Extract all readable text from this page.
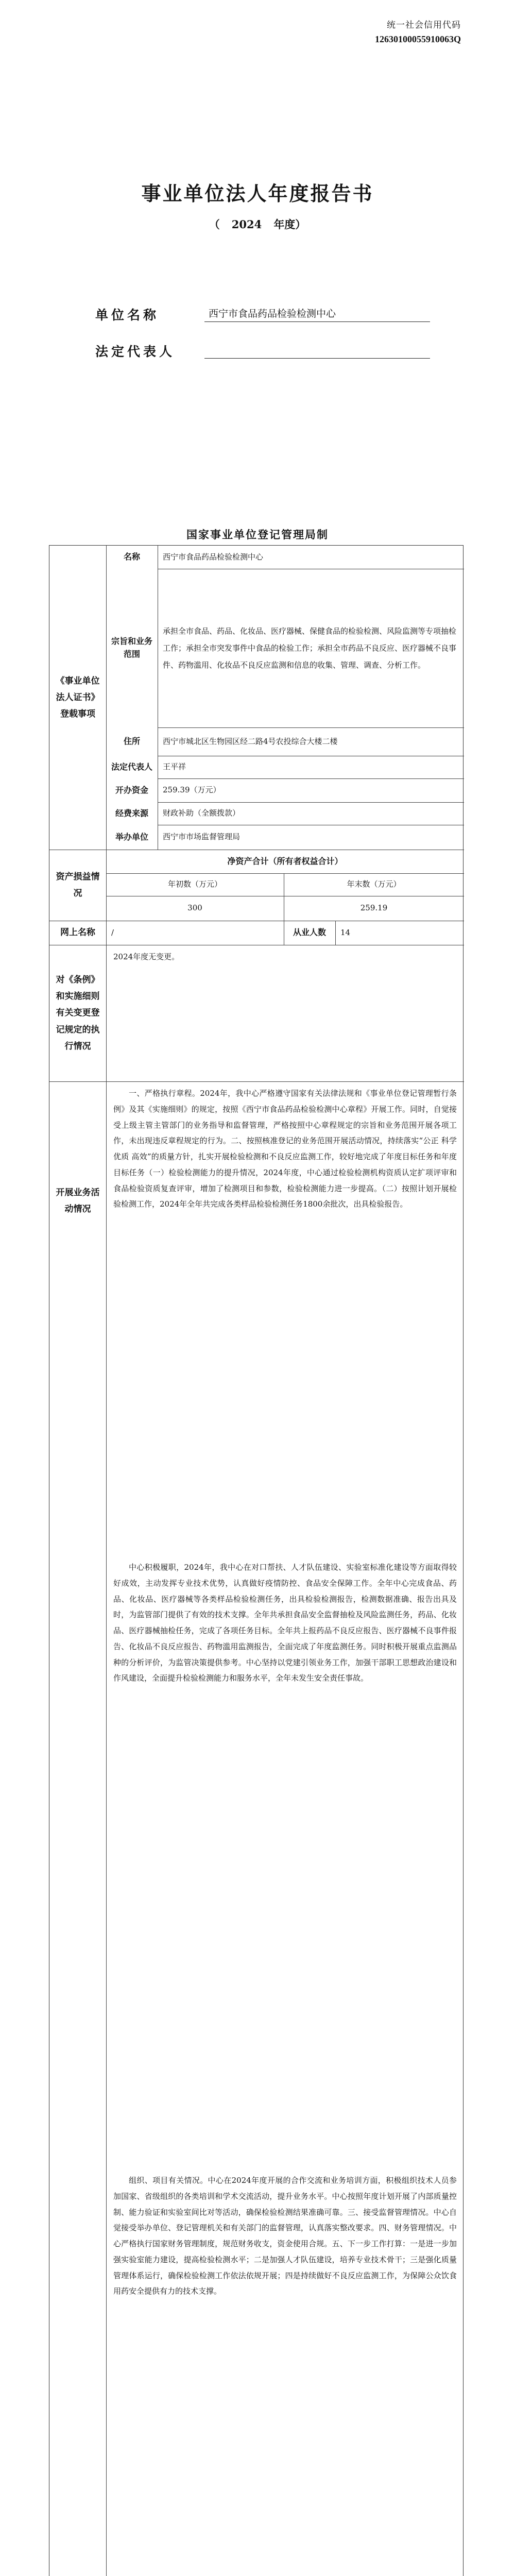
统一社会信用代码
12630100055910063Q
事业单位法人年度报告书
（ 2024 年度）
单位名称	西宁市食品药品检验检测中心
法定代表人
国家事业单位登记管理局制
《事业单位法人证书》登载事项
名称	西宁市食品药品检验检测中心
宗旨和业务范围
承担全市食品、药品、化妆品、医疗器械、保健食品的检验检测、风险监测等专项抽检工作；承担全市突发事件中食品的检验工作；承担全市药品不良反应、医疗器械不良事件、药物滥用、化妆品不良反应监测和信息的收集、管理、调查、分析工作。
住所	西宁市城北区生物园区经二路4号农投综合大楼二楼
法定代表人	王平祥
开办资金	259.39（万元）
经费来源	财政补助（全额拨款）
举办单位	西宁市市场监督管理局
资产损益情况
净资产合计（所有者权益合计）
年初数（万元）	年末数（万元）
300	259.19
网上名称	/	从业人数	14
对《条例》和实施细则有关变更登记规定的执行情况
2024年度无变更。
开展业务活动情况
一、严格执行章程。2024年，我中心严格遵守国家有关法律法规和《事业单位登记管理暂行条例》及其《实施细则》的规定，按照《西宁市食品药品检验检测中心章程》开展工作。同时，自觉接受上级主管主管部门的业务指导和监督管理，严格按照中心章程规定的宗旨和业务范围开展各项工作，未出现违反章程规定的行为。二、按照核准登记的业务范围开展活动情况，持续落实“公正 科学 优质 高效”的质量方针，扎实开展检验检测和不良反应监测工作，较好地完成了年度目标任务和年度目标任务（一）检验检测能力的提升情况，2024年度，中心通过检验检测机构资质认定扩项评审和食品检验资质复查评审，增加了检测项目和参数，检验检测能力进一步提高。（二）按照计划开展检验检测工作，2024年全年共完成各类样品检验检测任务1800余批次，出具检验报告。
中心积极履职，2024年，我中心在对口帮扶、人才队伍建设、实验室标准化建设等方面取得较好成效，主动发挥专业技术优势，认真做好疫情防控、食品安全保障工作。全年中心完成食品、药品、化妆品、医疗器械等各类样品检验检测任务，出具检验检测报告，检测数据准确、报告出具及时，为监管部门提供了有效的技术支撑。全年共承担食品安全监督抽检及风险监测任务，药品、化妆品、医疗器械抽检任务，完成了各项任务目标。全年共上报药品不良反应报告、医疗器械不良事件报告、化妆品不良反应报告、药物滥用监测报告，全面完成了年度监测任务。同时积极开展重点监测品种的分析评价，为监管决策提供参考。中心坚持以党建引领业务工作，加强干部职工思想政治建设和作风建设，全面提升检验检测能力和服务水平，全年未发生安全责任事故。
组织、项目有关情况。中心在2024年度开展的合作交流和业务培训方面，积极组织技术人员参加国家、省级组织的各类培训和学术交流活动，提升业务水平。中心按照年度计划开展了内部质量控制、能力验证和实验室间比对等活动，确保检验检测结果准确可靠。三、接受监督管理情况。中心自觉接受举办单位、登记管理机关和有关部门的监督管理，认真落实整改要求。四、财务管理情况。中心严格执行国家财务管理制度，规范财务收支，资金使用合规。五、下一步工作打算：一是进一步加强实验室能力建设，提高检验检测水平；二是加强人才队伍建设，培养专业技术骨干；三是强化质量管理体系运行，确保检验检测工作依法依规开展；四是持续做好不良反应监测工作，为保障公众饮食用药安全提供有力的技术支撑。
